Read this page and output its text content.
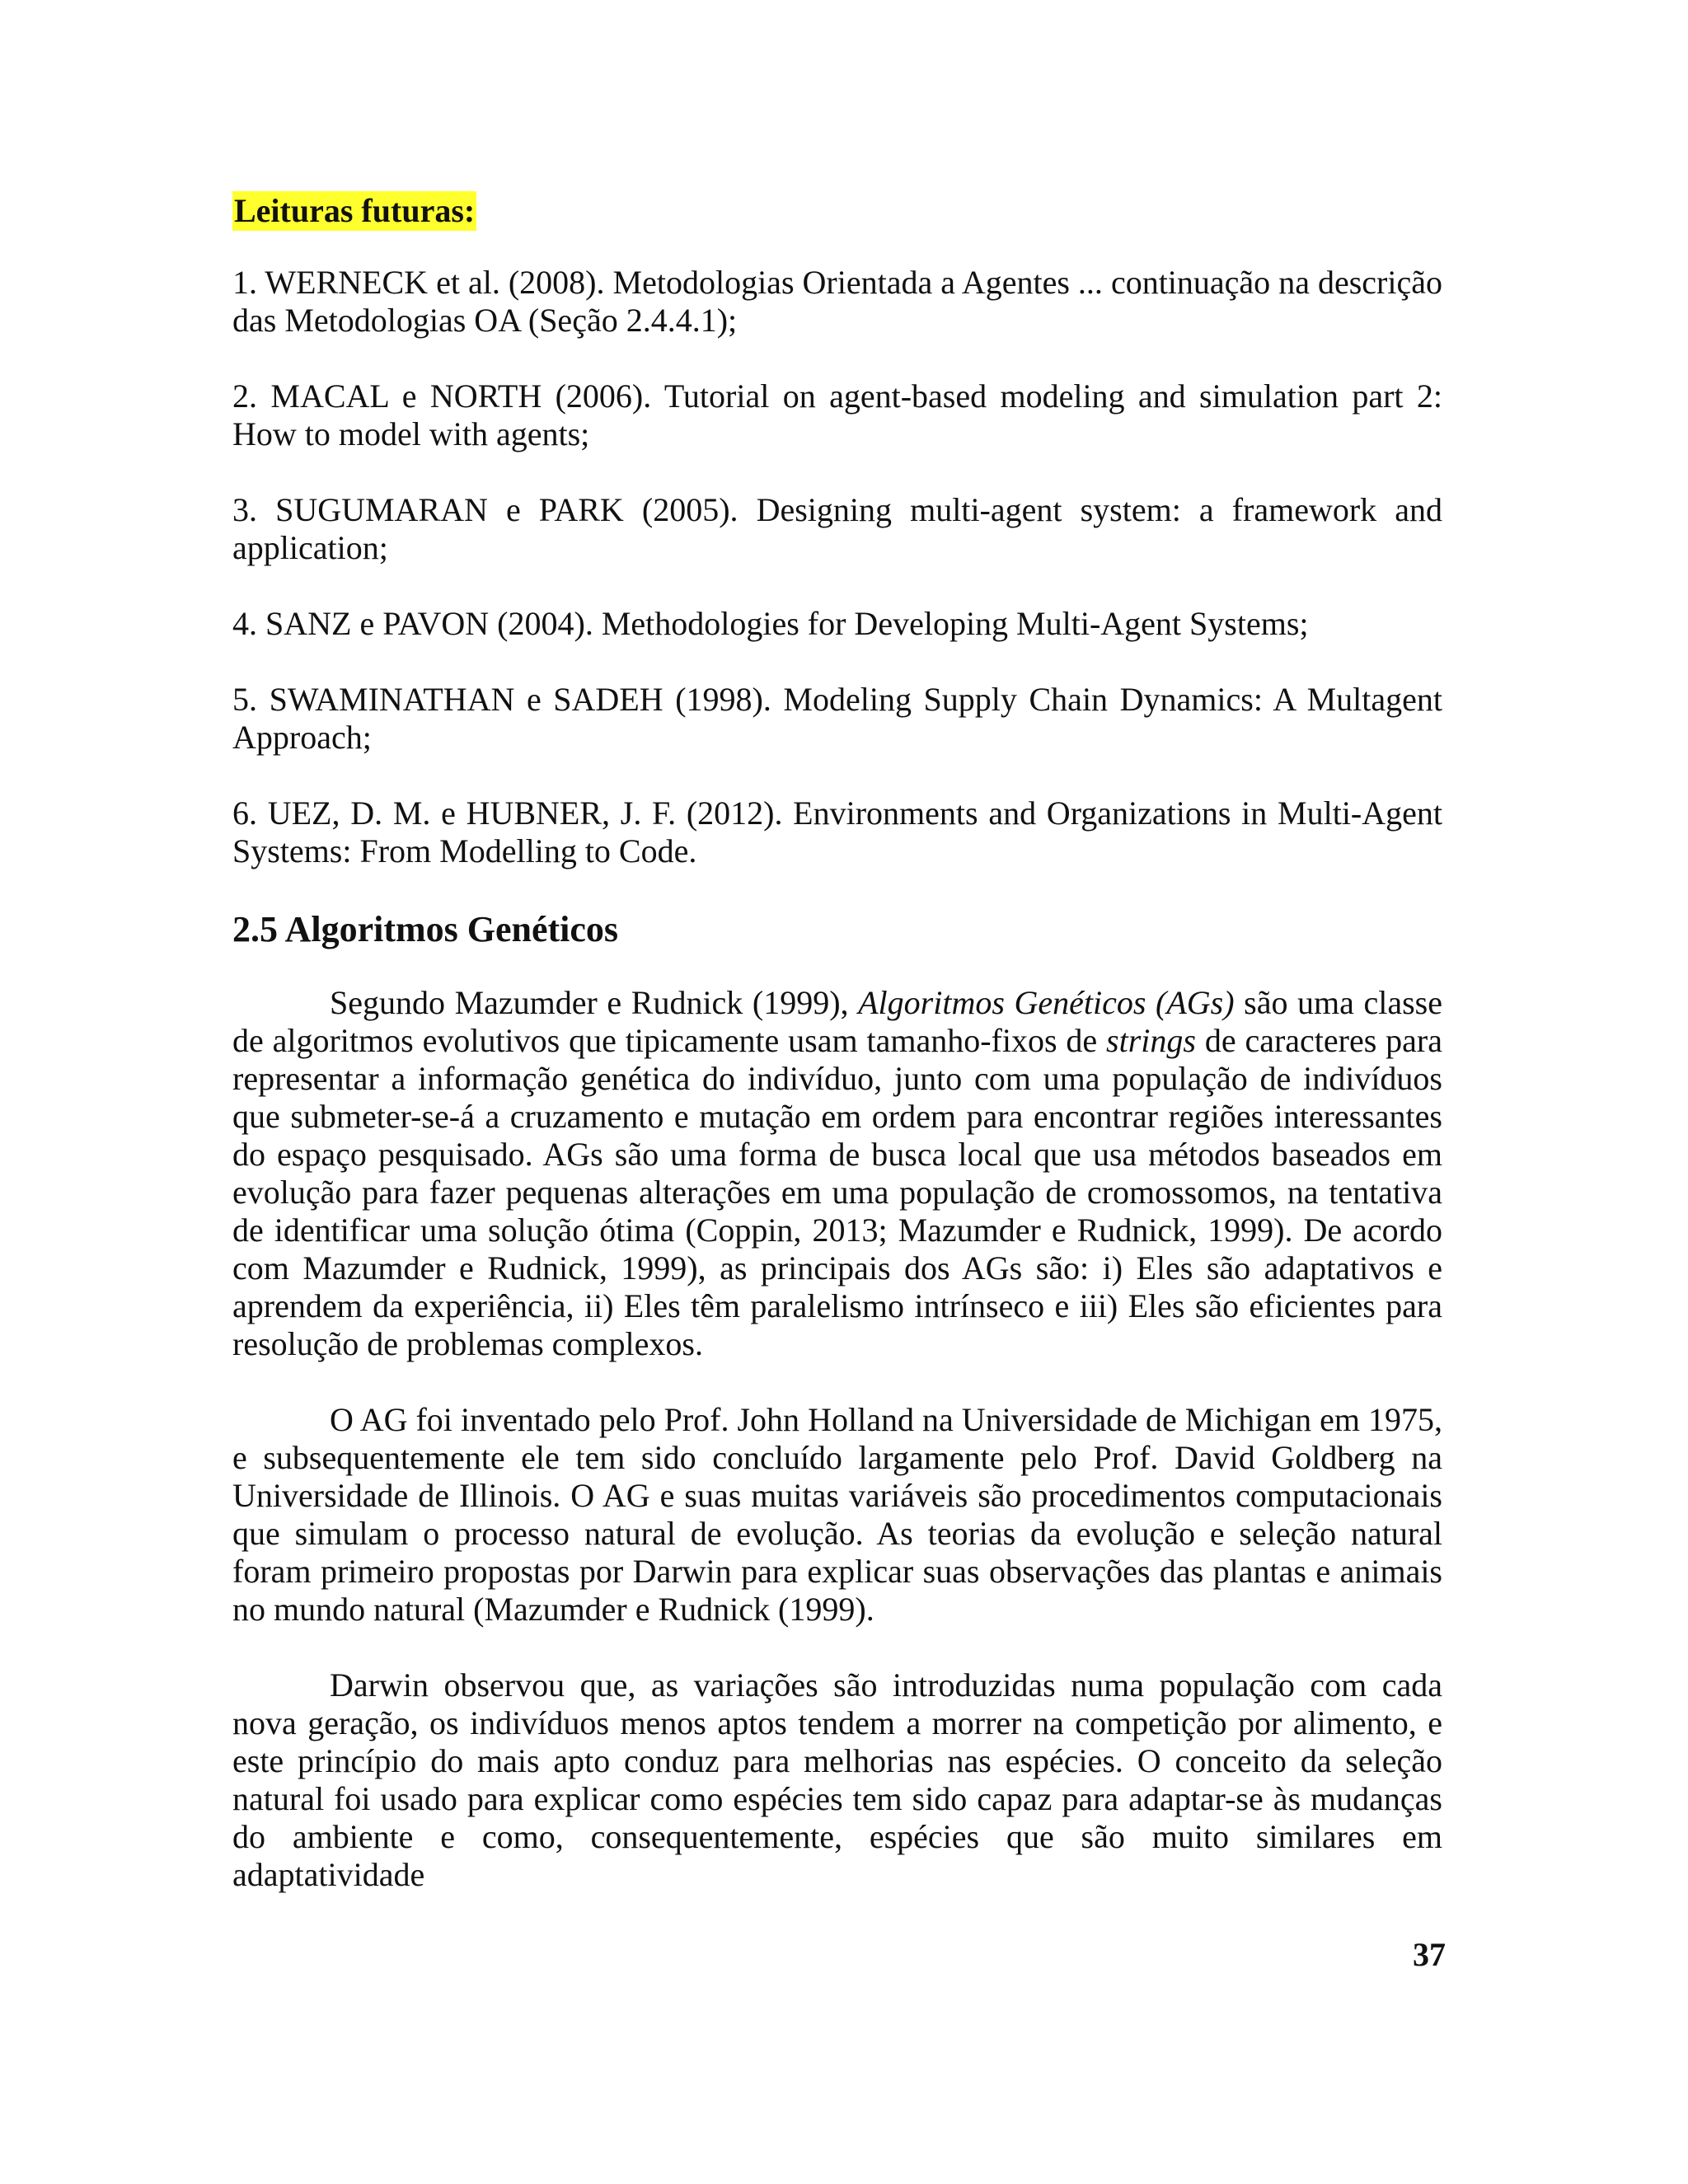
Leituras futuras:

1. WERNECK et al. (2008). Metodologias Orientada a Agentes ... continuação na descrição das Metodologias OA (Seção 2.4.4.1);

2. MACAL e NORTH (2006). Tutorial on agent-based modeling and simulation part 2: How to model with agents;

3. SUGUMARAN e PARK (2005). Designing multi-agent system: a framework and application;

4. SANZ e PAVON (2004). Methodologies for Developing Multi-Agent Systems;

5. SWAMINATHAN e SADEH (1998). Modeling Supply Chain Dynamics: A Multagent Approach;

6. UEZ, D. M. e HUBNER, J. F. (2012). Environments and Organizations in Multi-Agent Systems: From Modelling to Code.

2.5 Algoritmos Genéticos

Segundo Mazumder e Rudnick (1999), Algoritmos Genéticos (AGs) são uma classe de algoritmos evolutivos que tipicamente usam tamanho-fixos de strings de caracteres para representar a informação genética do indivíduo, junto com uma população de indivíduos que submeter-se-á a cruzamento e mutação em ordem para encontrar regiões interessantes do espaço pesquisado. AGs são uma forma de busca local que usa métodos baseados em evolução para fazer pequenas alterações em uma população de cromossomos, na tentativa de identificar uma solução ótima (Coppin, 2013; Mazumder e Rudnick, 1999). De acordo com Mazumder e Rudnick, 1999), as principais dos AGs são: i) Eles são adaptativos e aprendem da experiência, ii) Eles têm paralelismo intrínseco e iii) Eles são eficientes para resolução de problemas complexos.

O AG foi inventado pelo Prof. John Holland na Universidade de Michigan em 1975, e subsequentemente ele tem sido concluído largamente pelo Prof. David Goldberg na Universidade de Illinois. O AG e suas muitas variáveis são procedimentos computacionais que simulam o processo natural de evolução. As teorias da evolução e seleção natural foram primeiro propostas por Darwin para explicar suas observações das plantas e animais no mundo natural (Mazumder e Rudnick (1999).

Darwin observou que, as variações são introduzidas numa população com cada nova geração, os indivíduos menos aptos tendem a morrer na competição por alimento, e este princípio do mais apto conduz para melhorias nas espécies. O conceito da seleção natural foi usado para explicar como espécies tem sido capaz para adaptar-se às mudanças do ambiente e como, consequentemente, espécies que são muito similares em adaptatividade

37
